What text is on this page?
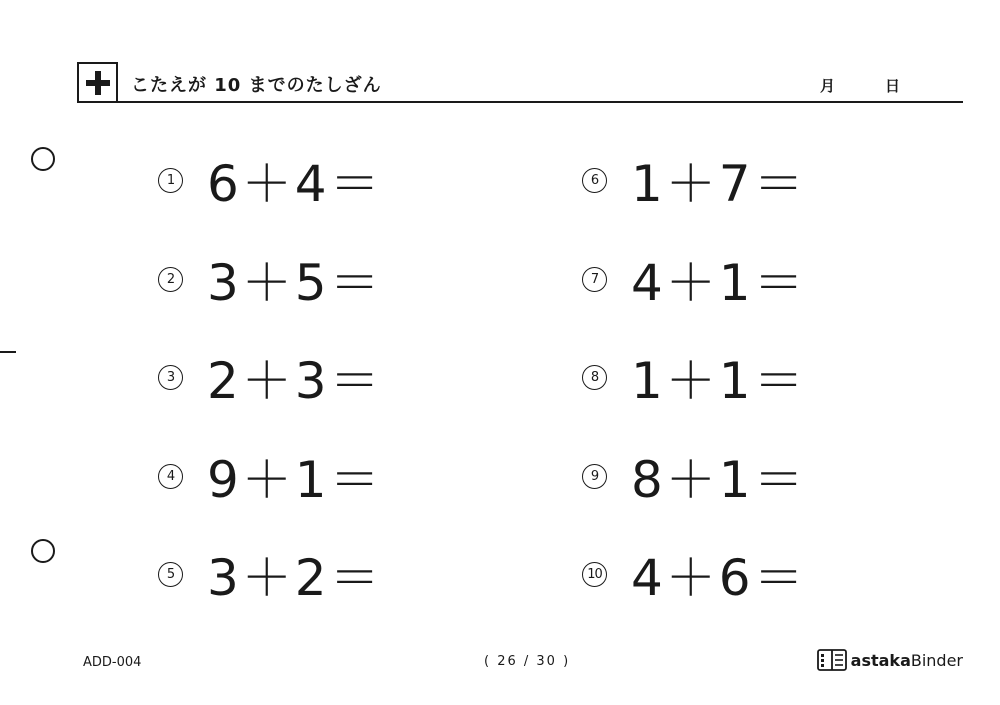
こたえが 10 までのたしざん	月	日
1 6＋4＝
2 3＋5＝
3 2＋3＝
4 9＋1＝
5 3＋2＝
6 1＋7＝
7 4＋1＝
8 1＋1＝
9 8＋1＝
10 4＋6＝
ADD-004	( 26 / 30 )	astaka Binder
